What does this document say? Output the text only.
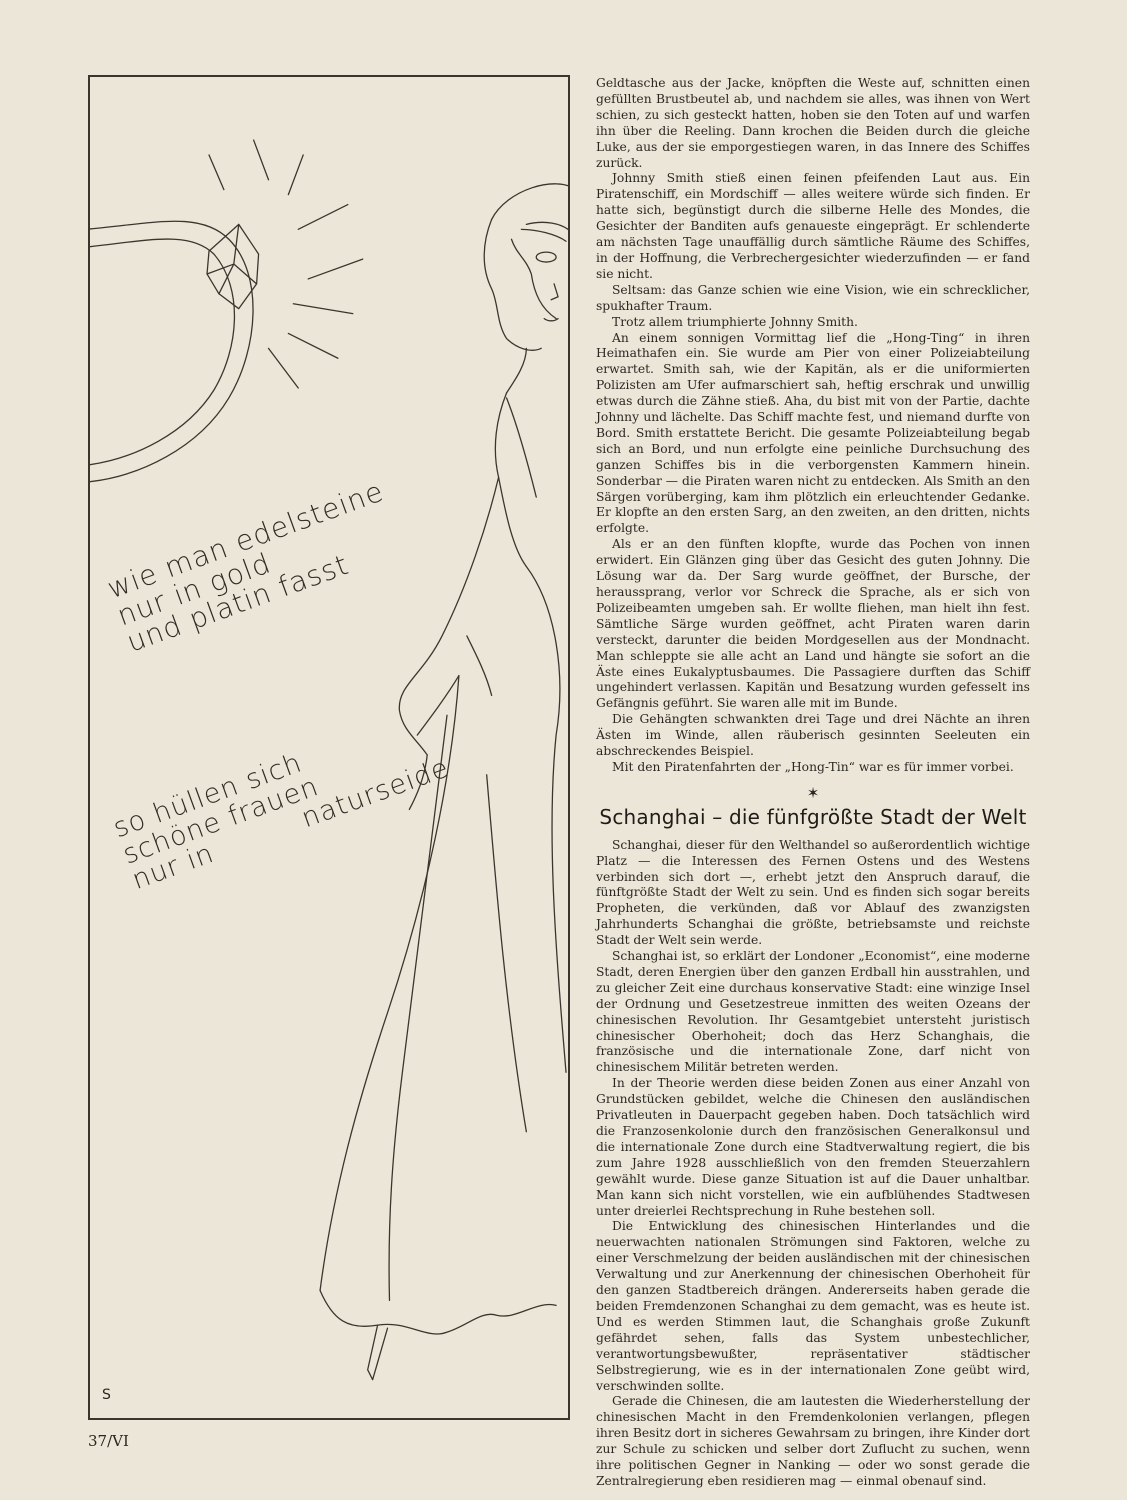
wie man edelsteine
nur in gold
und platin fasst
so hüllen sich
schöne frauen
nur in          naturseide
S
37/VI

Geldtasche aus der Jacke, knöpften die Weste auf, schnitten einen gefüllten Brustbeutel ab, und nachdem sie alles, was ihnen von Wert schien, zu sich gesteckt hatten, hoben sie den Toten auf und warfen ihn über die Reeling. Dann krochen die Beiden durch die gleiche Luke, aus der sie emporgestiegen waren, in das Innere des Schiffes zurück.

Johnny Smith stieß einen feinen pfeifenden Laut aus. Ein Piratenschiff, ein Mordschiff — alles weitere würde sich finden. Er hatte sich, begünstigt durch die silberne Helle des Mondes, die Gesichter der Banditen aufs genaueste eingeprägt. Er schlenderte am nächsten Tage unauffällig durch sämtliche Räume des Schiffes, in der Hoffnung, die Verbrechergesichter wiederzufinden — er fand sie nicht.

Seltsam: das Ganze schien wie eine Vision, wie ein schrecklicher, spukhafter Traum.

Trotz allem triumphierte Johnny Smith.

An einem sonnigen Vormittag lief die „Hong-Ting“ in ihren Heimathafen ein. Sie wurde am Pier von einer Polizeiabteilung erwartet. Smith sah, wie der Kapitän, als er die uniformierten Polizisten am Ufer aufmarschiert sah, heftig erschrak und unwillig etwas durch die Zähne stieß. Aha, du bist mit von der Partie, dachte Johnny und lächelte. Das Schiff machte fest, und niemand durfte von Bord. Smith erstattete Bericht. Die gesamte Polizeiabteilung begab sich an Bord, und nun erfolgte eine peinliche Durchsuchung des ganzen Schiffes bis in die verborgensten Kammern hinein. Sonderbar — die Piraten waren nicht zu entdecken. Als Smith an den Särgen vorüberging, kam ihm plötzlich ein erleuchtender Gedanke. Er klopfte an den ersten Sarg, an den zweiten, an den dritten, nichts erfolgte.

Als er an den fünften klopfte, wurde das Pochen von innen erwidert. Ein Glänzen ging über das Gesicht des guten Johnny. Die Lösung war da. Der Sarg wurde geöffnet, der Bursche, der heraussprang, verlor vor Schreck die Sprache, als er sich von Polizeibeamten umgeben sah. Er wollte fliehen, man hielt ihn fest. Sämtliche Särge wurden geöffnet, acht Piraten waren darin versteckt, darunter die beiden Mordgesellen aus der Mondnacht. Man schleppte sie alle acht an Land und hängte sie sofort an die Äste eines Eukalyptusbaumes. Die Passagiere durften das Schiff ungehindert verlassen. Kapitän und Besatzung wurden gefesselt ins Gefängnis geführt. Sie waren alle mit im Bunde.

Die Gehängten schwankten drei Tage und drei Nächte an ihren Ästen im Winde, allen räuberisch gesinnten Seeleuten ein abschreckendes Beispiel.

Mit den Piratenfahrten der „Hong-Tin“ war es für immer vorbei.

✶
Schanghai – die fünfgrößte Stadt der Welt

Schanghai, dieser für den Welthandel so außerordentlich wichtige Platz — die Interessen des Fernen Ostens und des Westens verbinden sich dort —, erhebt jetzt den Anspruch darauf, die fünftgrößte Stadt der Welt zu sein. Und es finden sich sogar bereits Propheten, die verkünden, daß vor Ablauf des zwanzigsten Jahrhunderts Schanghai die größte, betriebsamste und reichste Stadt der Welt sein werde.

Schanghai ist, so erklärt der Londoner „Economist“, eine moderne Stadt, deren Energien über den ganzen Erdball hin ausstrahlen, und zu gleicher Zeit eine durchaus konservative Stadt: eine winzige Insel der Ordnung und Gesetzestreue inmitten des weiten Ozeans der chinesischen Revolution. Ihr Gesamtgebiet untersteht juristisch chinesischer Oberhoheit; doch das Herz Schanghais, die französische und die internationale Zone, darf nicht von chinesischem Militär betreten werden.

In der Theorie werden diese beiden Zonen aus einer Anzahl von Grundstücken gebildet, welche die Chinesen den ausländischen Privatleuten in Dauerpacht gegeben haben. Doch tatsächlich wird die Franzosenkolonie durch den französischen Generalkonsul und die internationale Zone durch eine Stadtverwaltung regiert, die bis zum Jahre 1928 ausschließlich von den fremden Steuerzahlern gewählt wurde. Diese ganze Situation ist auf die Dauer unhaltbar. Man kann sich nicht vorstellen, wie ein aufblühendes Stadtwesen unter dreierlei Rechtsprechung in Ruhe bestehen soll.

Die Entwicklung des chinesischen Hinterlandes und die neuerwachten nationalen Strömungen sind Faktoren, welche zu einer Verschmelzung der beiden ausländischen mit der chinesischen Verwaltung und zur Anerkennung der chinesischen Oberhoheit für den ganzen Stadtbereich drängen. Andererseits haben gerade die beiden Fremdenzonen Schanghai zu dem gemacht, was es heute ist. Und es werden Stimmen laut, die Schanghais große Zukunft gefährdet sehen, falls das System unbestechlicher, verantwortungsbewußter, repräsentativer städtischer Selbstregierung, wie es in der internationalen Zone geübt wird, verschwinden sollte.

Gerade die Chinesen, die am lautesten die Wiederherstellung der chinesischen Macht in den Fremdenkolonien verlangen, pflegen ihren Besitz dort in sicheres Gewahrsam zu bringen, ihre Kinder dort zur Schule zu schicken und selber dort Zuflucht zu suchen, wenn ihre politischen Gegner in Nanking — oder wo sonst gerade die Zentralregierung eben residieren mag — einmal obenauf sind.
